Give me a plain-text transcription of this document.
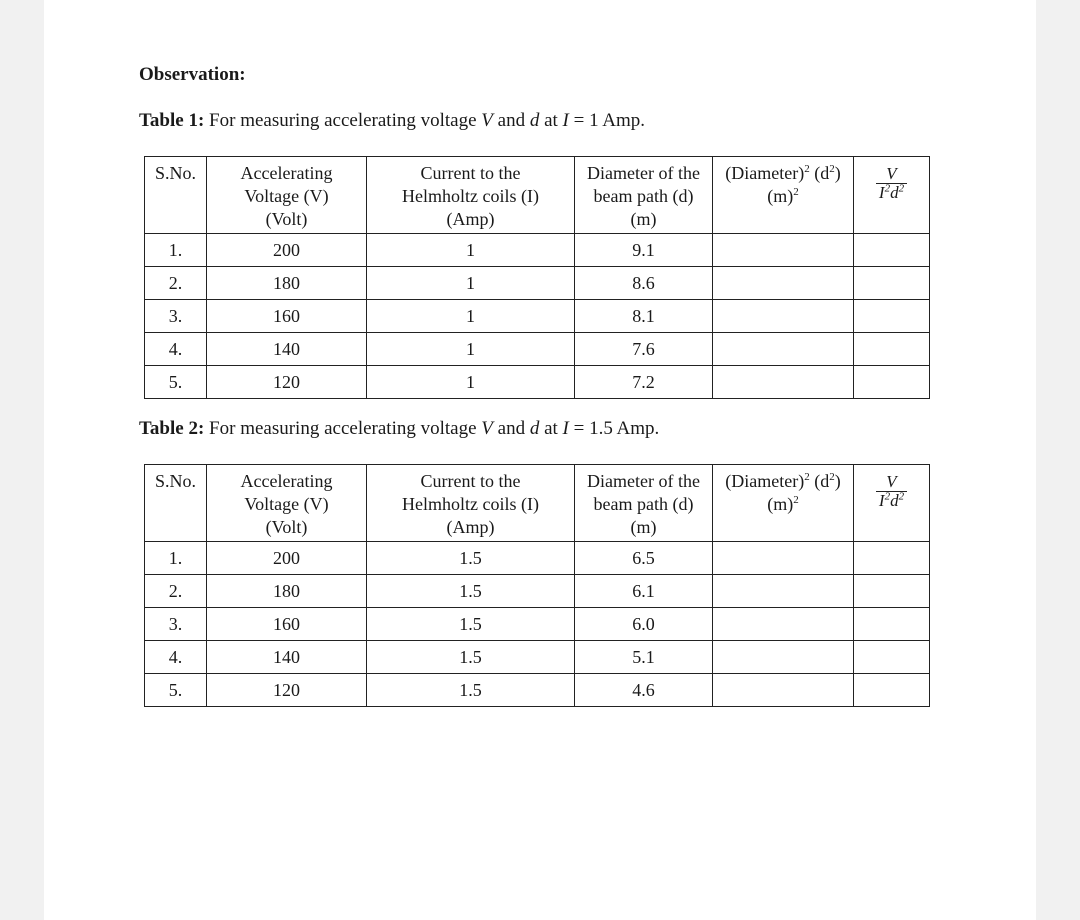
Observation:
Table 1: For measuring accelerating voltage V and d at I = 1 Amp.
S.No.	Accelerating
Voltage (V)
(Volt)	Current to the
Helmholtz coils (I)
(Amp)	Diameter of the
beam path (d)
(m)	(Diameter)$^2$ $(d^2)$
$(m)^2$	$\frac{V}{I^2d^2}$

1.	200	1	9.1		
2.	180	1	8.6		
3.	160	1	8.1		
4.	140	1	7.6		
5.	120	1	7.2		
Table 2: For measuring accelerating voltage V and d at I = 1.5 Amp.
S.No.	Accelerating
Voltage (V)
(Volt)	Current to the
Helmholtz coils (I)
(Amp)	Diameter of the
beam path (d)
(m)	(Diameter)$^2$ $(d^2)$
$(m)^2$	$\frac{V}{I^2d^2}$

1.	200	1.5	6.5		
2.	180	1.5	6.1		
3.	160	1.5	6.0		
4.	140	1.5	5.1		
5.	120	1.5	4.6		
